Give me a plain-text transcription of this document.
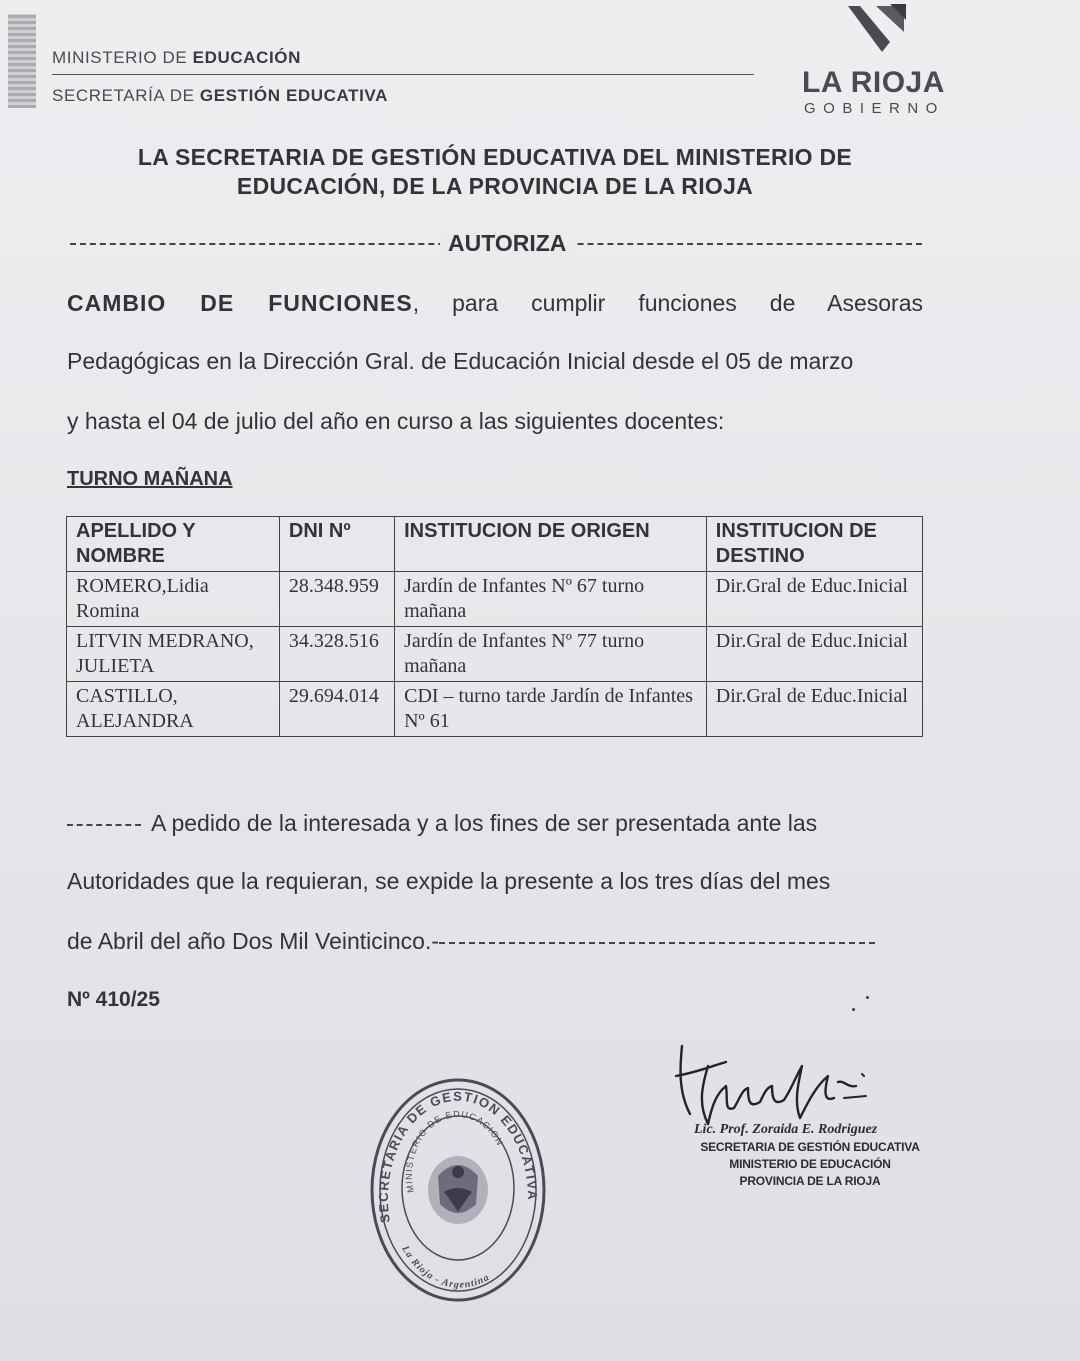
MINISTERIO DE EDUCACIÓN
SECRETARÍA DE GESTIÓN EDUCATIVA	LA RIOJA
GOBIERNO
LA SECRETARIA DE GESTIÓN EDUCATIVA DEL MINISTERIO DE
EDUCACIÓN, DE LA PROVINCIA DE LA RIOJA
AUTORIZA
CAMBIO DE FUNCIONES, para cumplir funciones de Asesoras
Pedagógicas en la Dirección Gral. de Educación Inicial desde el 05 de marzo
y hasta el 04 de julio del año en curso a las siguientes docentes:
TURNO MAÑANA
APELLIDO Y NOMBRE	DNI Nº	INSTITUCION DE ORIGEN	INSTITUCION DE DESTINO
ROMERO,Lidia Romina	28.348.959	Jardín de Infantes Nº 67 turno mañana	Dir.Gral de Educ.Inicial
LITVIN MEDRANO, JULIETA	34.328.516	Jardín de Infantes Nº 77 turno mañana	Dir.Gral de Educ.Inicial
CASTILLO, ALEJANDRA	29.694.014	CDI – turno tarde Jardín de Infantes Nº 61	Dir.Gral de Educ.Inicial
A pedido de la interesada y a los fines de ser presentada ante las
Autoridades que la requieran, se expide la presente a los tres días del mes
de Abril del año Dos Mil Veinticinco.-
Nº 410/25
SECRETARIA DE GESTION EDUCATIVA
MINISTERIO DE EDUCACION
La Rioja - Argentina
Lic. Prof. Zoraida E. Rodriguez
SECRETARIA DE GESTIÓN EDUCATIVA
MINISTERIO DE EDUCACIÓN
PROVINCIA DE LA RIOJA
